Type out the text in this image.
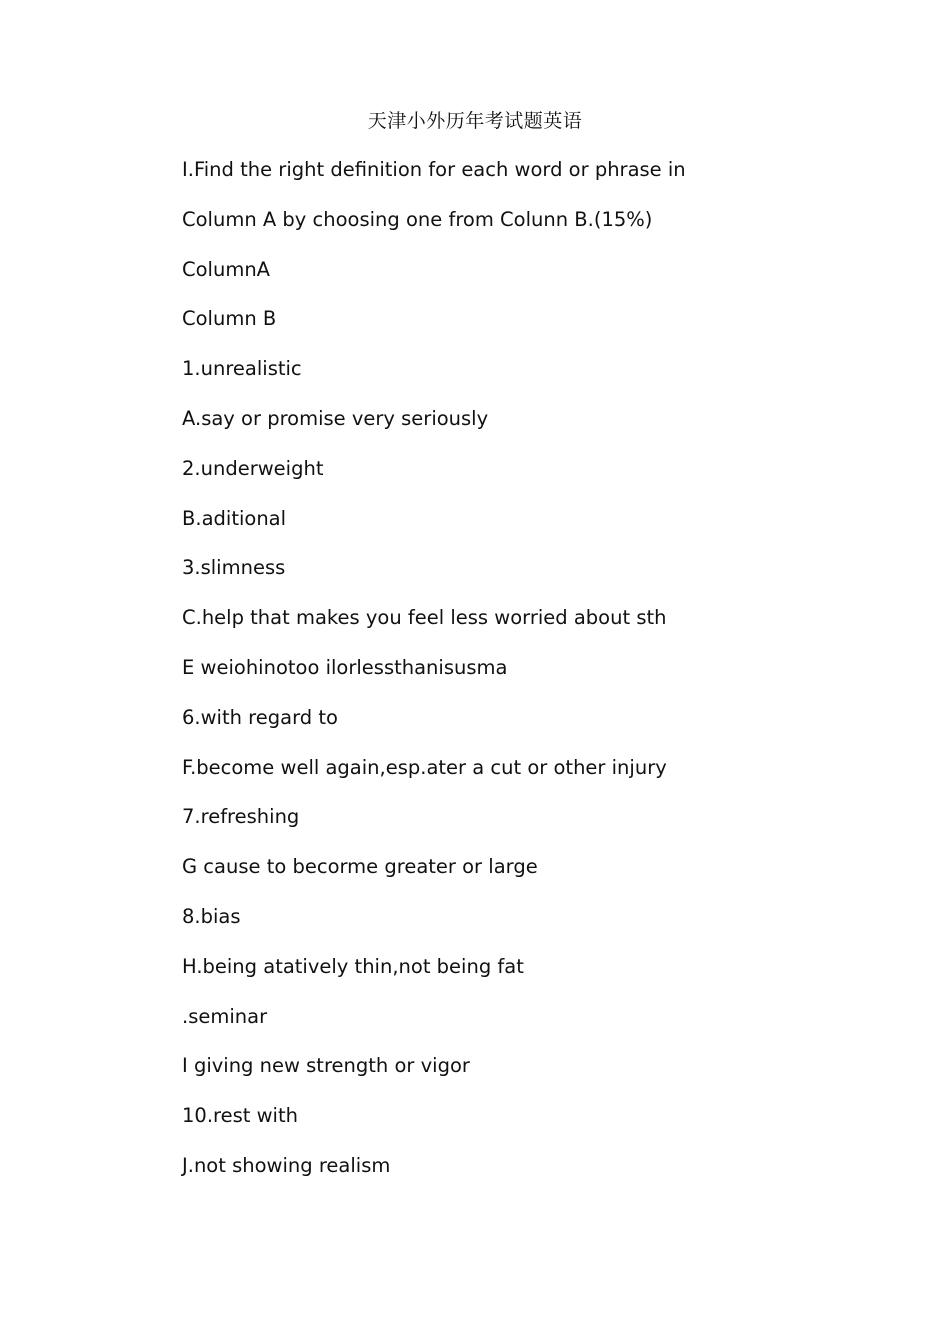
天津小外历年考试题英语
I.Find the right definition for each word or phrase in
Column A by choosing one from Colunn B.(15%)
ColumnA
Column B
1.unrealistic
A.say or promise very seriously
2.underweight
B.aditional
3.slimness
C.help that makes you feel less worried about sth
E weiohinotoo ilorlessthanisusma
6.with regard to
F.become well again,esp.ater a cut or other injury
7.refreshing
G cause to becorme greater or large
8.bias
H.being atatively thin,not being fat
.seminar
I giving new strength or vigor
10.rest with
J.not showing realism
